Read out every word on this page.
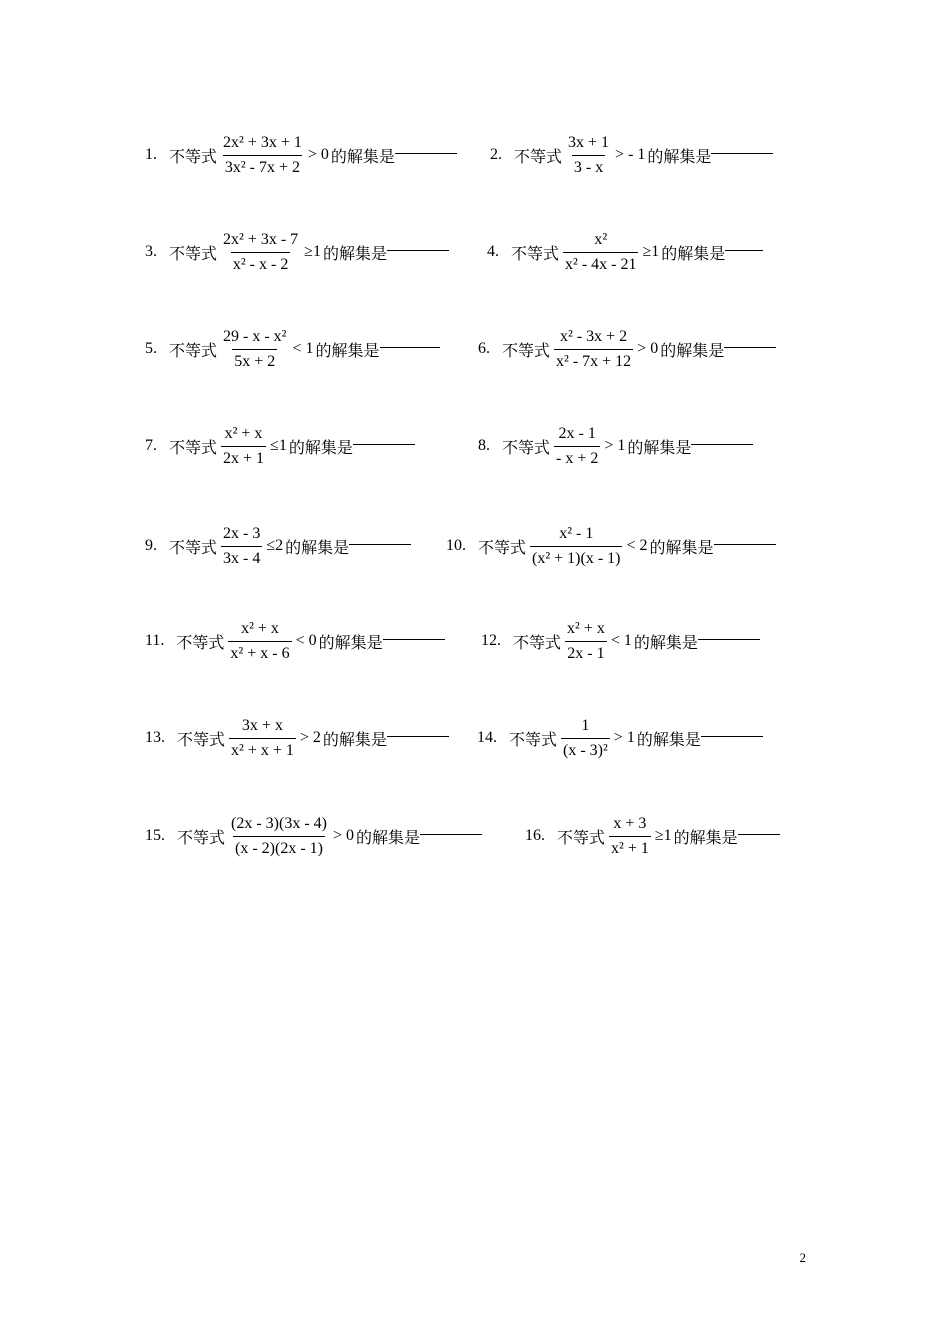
1. 不等式 $\frac{\text{2x² + 3x + 1}}{\text{3x² - 7x + 2}} > 0$ 的解集是	2. 不等式 $\frac{3x + 1}{3 - x}$ > - 1 的解集是
3. 不等式 $\frac{\text{2x² + 3x - 7}}{\text{x² - x - 2}} \ge 1$ 的解集是	4. 不等式 $\frac{\text{x²}}{\text{x² - 4x - 21}} \ge 1$ 的解集是
5. 不等式 $\frac{\text{29 - x - x²}}{5x + 2} < 1$ 的解集是	6. 不等式 $\frac{\text{x² - 3x + 2}}{\text{x² - 7x + 12}} > 0$ 的解集是
7. 不等式 $\frac{\text{x² + x}}{2x + 1} \le 1$ 的解集是	8. 不等式 $\frac{2x - 1}{- x + 2} > 1$ 的解集是
9. 不等式 $\frac{2x - 3}{3x - 4} \le 2$ 的解集是	10. 不等式 $\frac{\text{x² - 1}}{\text{(x² + 1)(x - 1)}} < 2$ 的解集是
11. 不等式 $\frac{\text{x² + x}}{\text{x² + x - 6}} < 0$ 的解集是	12. 不等式 $\frac{\text{x² + x}}{2x - 1} < 1$ 的解集是
13. 不等式 $\frac{3x + x}{\text{x² + x + 1}} > 2$ 的解集是	14. 不等式 $\frac{1}{\text{(x - 3)²}} > 1$ 的解集是
15. 不等式 $\frac{(2x - 3)(3x - 4)}{(x - 2)(2x - 1)} > 0$ 的解集是	16. 不等式 $\frac{x + 3}{\text{x² + 1}} \ge 1$ 的解集是
2
